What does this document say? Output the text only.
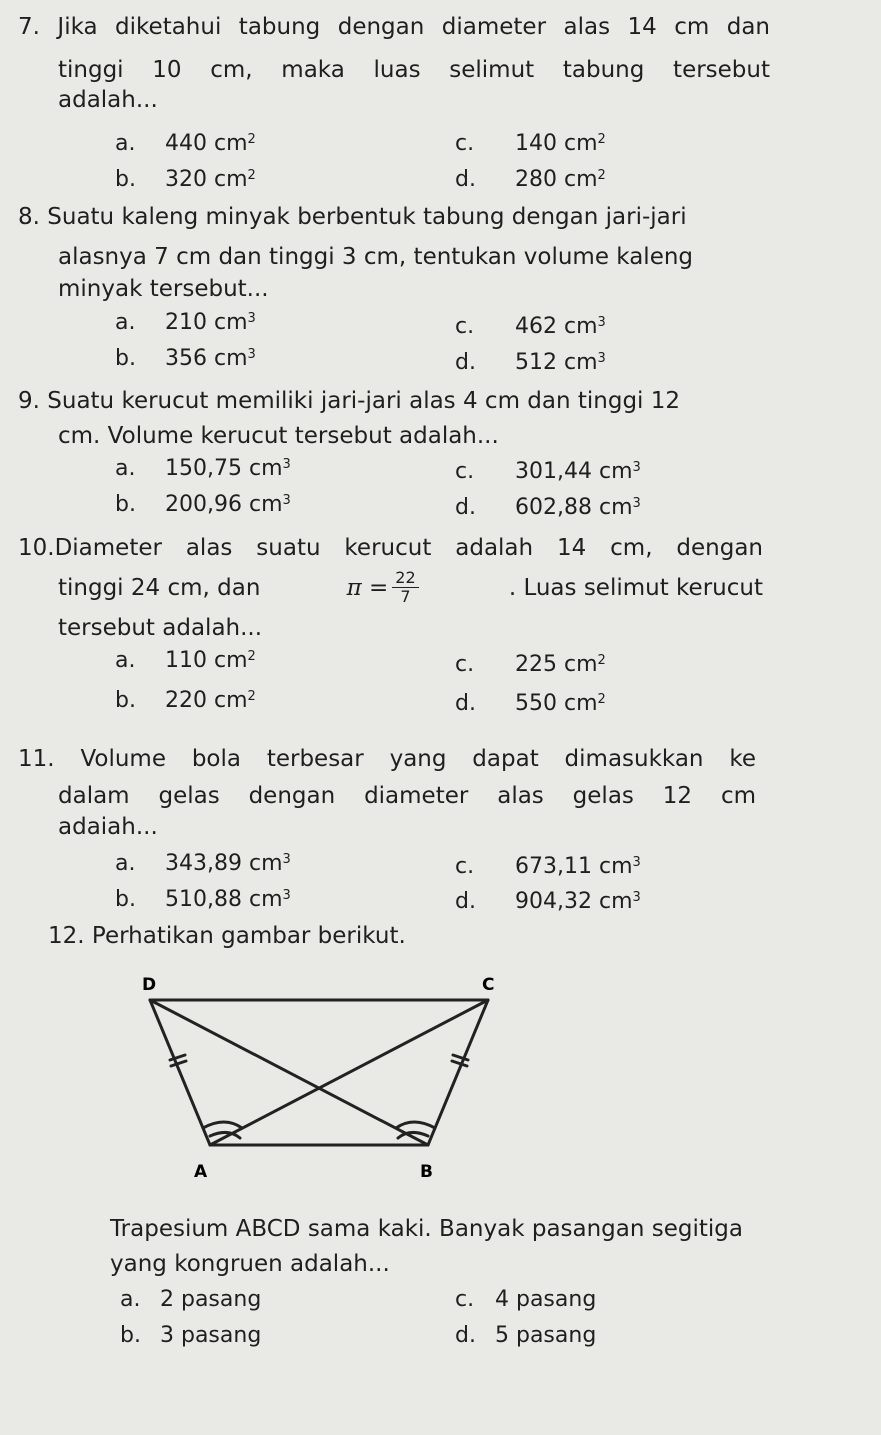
7. Jika diketahui tabung dengan diameter alas 14 cm dan
tinggi 10 cm, maka luas selimut tabung tersebut
adalah...
a. 440 $cm^2$	c. 140 $cm^2$
b. 320 $cm^2$	d. 280 $cm^2$
8. Suatu kaleng minyak berbentuk tabung dengan jari-jari
alasnya 7 cm dan tinggi 3 cm, tentukan volume kaleng
minyak tersebut...
a. 210 $cm^3$	c. 462 $cm^3$
b. 356 $cm^3$	d. 512 $cm^3$
9. Suatu kerucut memiliki jari-jari alas 4 cm dan tinggi 12
cm. Volume kerucut tersebut adalah...
a. 150,75 $cm^3$	c. 301,44 $cm^3$
b. 200,96 $cm^3$	d. 602,88 $cm^3$
10.Diameter alas suatu kerucut adalah 14 cm, dengan
tinggi 24 cm, dan	$\pi = \frac{22}{7}$	. Luas selimut kerucut
tersebut adalah...
a. 110 $cm^2$	c. 225 $cm^2$
b. 220 $cm^2$	d. 550 $cm^2$
11. Volume bola terbesar yang dapat dimasukkan ke
dalam gelas dengan diameter alas gelas 12 cm
adaiah...
a. 343,89 $cm^3$	c. 673,11 $cm^3$
b. 510,88 $cm^3$	d. 904,32 $cm^3$
12. Perhatikan gambar berikut.
D	C
A	B
Trapesium ABCD sama kaki. Banyak pasangan segitiga
yang kongruen adalah...
a. 2 pasang	c. 4 pasang
b. 3 pasang	d. 5 pasang
